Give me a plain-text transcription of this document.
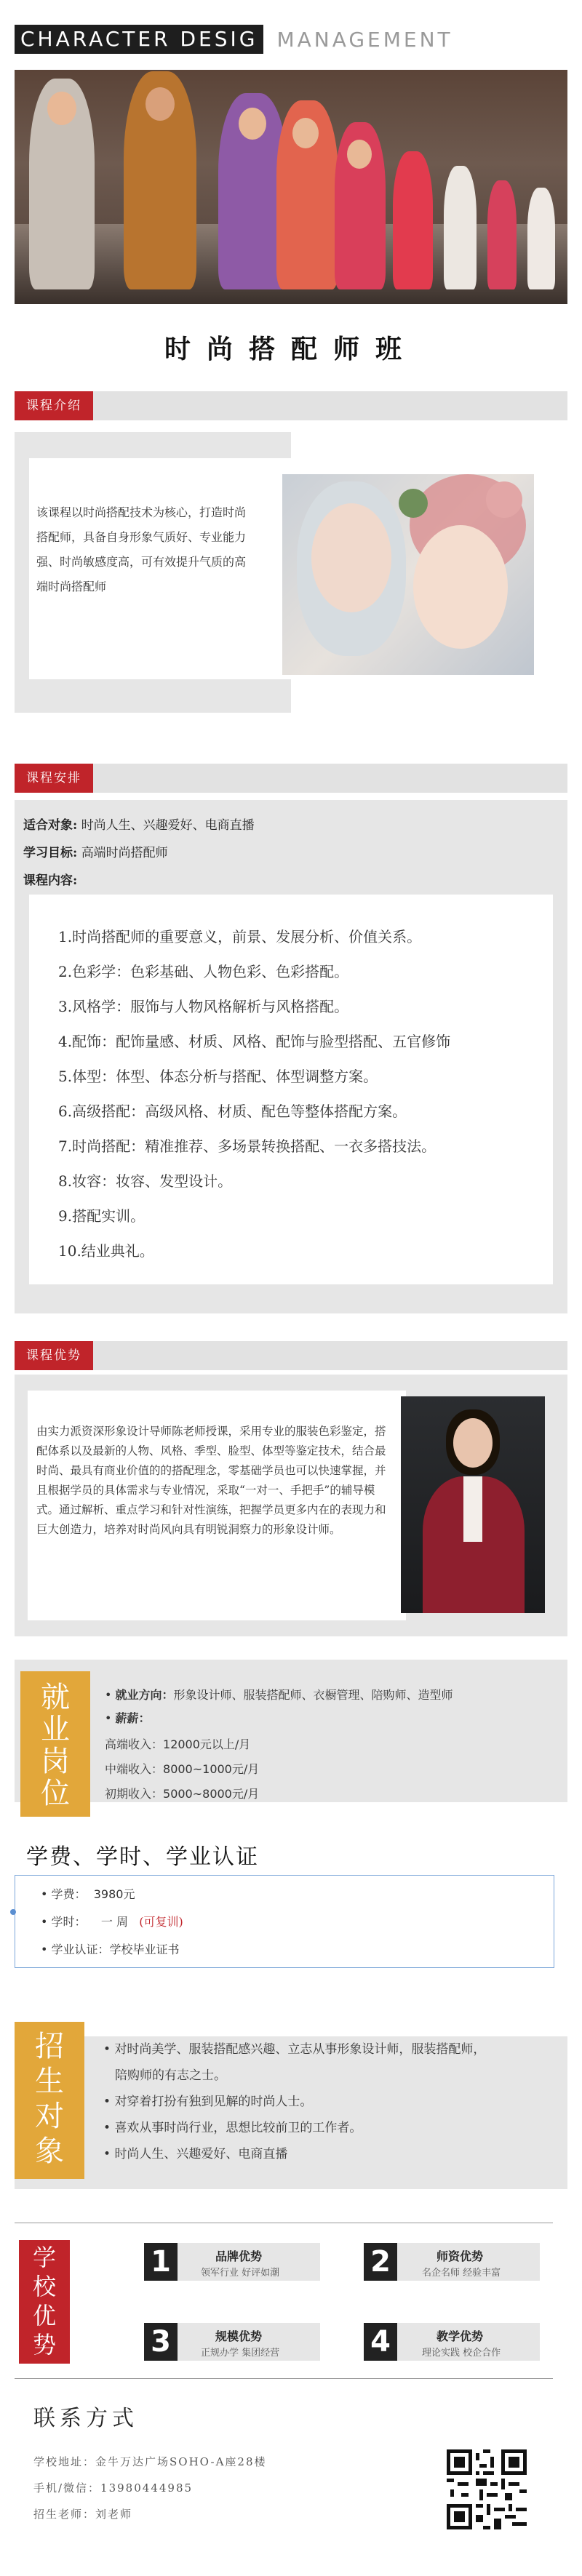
CHARACTER DESIG MANAGEMENT
时尚搭配师班
课程介绍
该课程以时尚搭配技术为核心，打造时尚搭配师，具备自身形象气质好、专业能力强、时尚敏感度高，可有效提升气质的高端时尚搭配师
课程安排
适合对象: 时尚人生、兴趣爱好、电商直播
学习目标: 高端时尚搭配师
课程内容:
1.时尚搭配师的重要意义，前景、发展分析、价值关系。
2.色彩学：色彩基础、人物色彩、色彩搭配。
3.风格学：服饰与人物风格解析与风格搭配。
4.配饰：配饰量感、材质、风格、配饰与脸型搭配、五官修饰
5.体型：体型、体态分析与搭配、体型调整方案。
6.高级搭配：高级风格、材质、配色等整体搭配方案。
7.时尚搭配：精准推荐、多场景转换搭配、一衣多搭技法。
8.妆容：妆容、发型设计。
9.搭配实训。
10.结业典礼。
课程优势
由实力派资深形象设计导师陈老师授课，采用专业的服装色彩鉴定，搭配体系以及最新的人物、风格、季型、脸型、体型等鉴定技术，结合最时尚、最具有商业价值的的搭配理念，零基础学员也可以快速掌握，并且根据学员的具体需求与专业情况，采取“一对一、手把手”的辅导模式。通过解析、重点学习和针对性演练，把握学员更多内在的表现力和巨大创造力，培养对时尚风向具有明锐洞察力的形象设计师。
就业岗位
• 就业方向：形象设计师、服装搭配师、衣橱管理、陪购师、造型师
• 薪薪：
高端收入：12000元以上/月
中端收入：8000~1000元/月
初期收入：5000~8000元/月
学费、学时、学业认证
• 学费： 3980元
• 学时： 一 周 (可复训)
• 学业认证：学校毕业证书
招生对象
• 对时尚美学、服装搭配感兴趣、立志从事形象设计师，服装搭配师，
陪购师的有志之士。
• 对穿着打扮有独到见解的时尚人士。
• 喜欢从事时尚行业，思想比较前卫的工作者。
• 时尚人生、兴趣爱好、电商直播
学校优势
1	品牌优势
领军行业 好评如潮	2	师资优势
名企名师 经验丰富
3	规模优势
正规办学 集团经营	4	教学优势
理论实践 校企合作
联系方式
学校地址：金牛万达广场SOHO-A座28楼
手机/微信：13980444985
招生老师：刘老师
